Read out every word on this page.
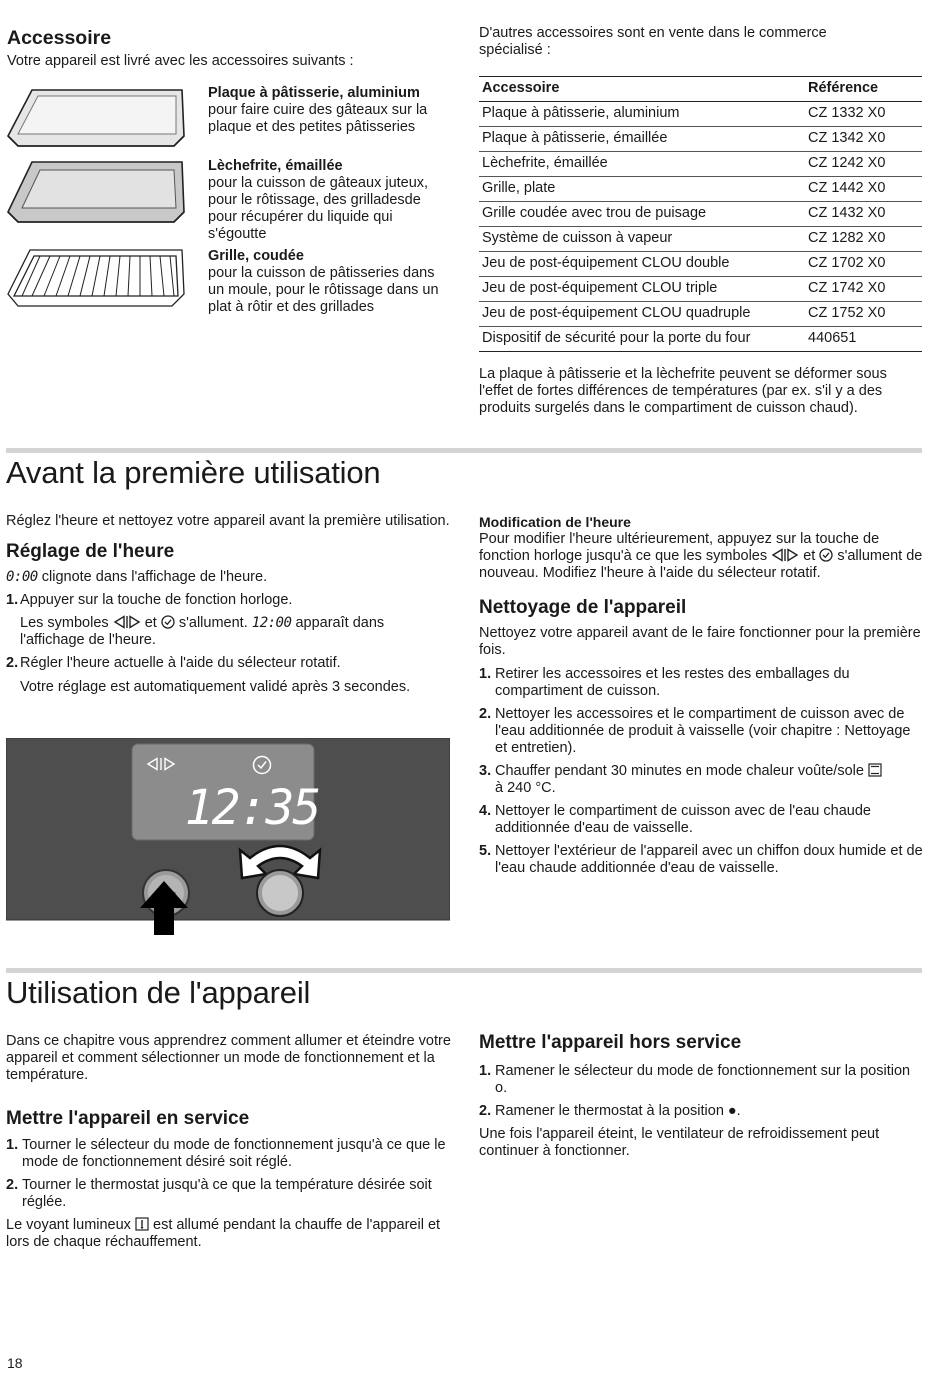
Accessoire

Votre appareil est livré avec les accessoires suivants :

Plaque à pâtisserie, aluminium
pour faire cuire des gâteaux sur la plaque et des petites pâtisseries
Lèchefrite, émaillée
pour la cuisson de gâteaux juteux, pour le rôtissage, des grilladesde pour récupérer du liquide qui s'égoutte
Grille, coudée
pour la cuisson de pâtisseries dans un moule, pour le rôtissage dans un plat à rôtir et des grillades

D'autres accessoires sont en vente dans le commerce spécialisé :

Accessoire	Référence
Plaque à pâtisserie, aluminium	CZ 1332 X0
Plaque à pâtisserie, émaillée	CZ 1342 X0
Lèchefrite, émaillée	CZ 1242 X0
Grille, plate	CZ 1442 X0
Grille coudée avec trou de puisage	CZ 1432 X0
Système de cuisson à vapeur	CZ 1282 X0
Jeu de post-équipement CLOU double	CZ 1702 X0
Jeu de post-équipement CLOU triple	CZ 1742 X0
Jeu de post-équipement CLOU quadruple	CZ 1752 X0
Dispositif de sécurité pour la porte du four	440651

La plaque à pâtisserie et la lèchefrite peuvent se déformer sous l'effet de fortes différences de températures (par ex. s'il y a des produits surgelés dans le compartiment de cuisson chaud).

Avant la première utilisation

Réglez l'heure et nettoyez votre appareil avant la première utilisation.

Réglage de l'heure

0:00 clignote dans l'affichage de l'heure.

1. Appuyer sur la touche de fonction horloge.
Les symboles et s'allument. 12:00 apparaît dans l'affichage de l'heure.
2. Régler l'heure actuelle à l'aide du sélecteur rotatif.
Votre réglage est automatiquement validé après 3 secondes.
12:35
Modification de l'heure

Pour modifier l'heure ultérieurement, appuyez sur la touche de fonction horloge jusqu'à ce que les symboles et s'allument de nouveau. Modifiez l'heure à l'aide du sélecteur rotatif.

Nettoyage de l'appareil

Nettoyez votre appareil avant de le faire fonctionner pour la première fois.

1. Retirer les accessoires et les restes des emballages du compartiment de cuisson.
2. Nettoyer les accessoires et le compartiment de cuisson avec de l'eau additionnée de produit à vaisselle (voir chapitre : Nettoyage et entretien).
3. Chauffer pendant 30 minutes en mode chaleur voûte/sole
à 240 °C.
4. Nettoyer le compartiment de cuisson avec de l'eau chaude additionnée d'eau de vaisselle.
5. Nettoyer l'extérieur de l'appareil avec un chiffon doux humide et de l'eau chaude additionnée d'eau de vaisselle.
Utilisation de l'appareil

Dans ce chapitre vous apprendrez comment allumer et éteindre votre appareil et comment sélectionner un mode de fonctionnement et la température.

Mettre l'appareil en service
1. Tourner le sélecteur du mode de fonctionnement jusqu'à ce que le mode de fonctionnement désiré soit réglé.
2. Tourner le thermostat jusqu'à ce que la température désirée soit réglée.

Le voyant lumineux est allumé pendant la chauffe de l'appareil et lors de chaque réchauffement.

Mettre l'appareil hors service
1. Ramener le sélecteur du mode de fonctionnement sur la position o.
2. Ramener le thermostat à la position ●.

Une fois l'appareil éteint, le ventilateur de refroidissement peut continuer à fonctionner.

18
